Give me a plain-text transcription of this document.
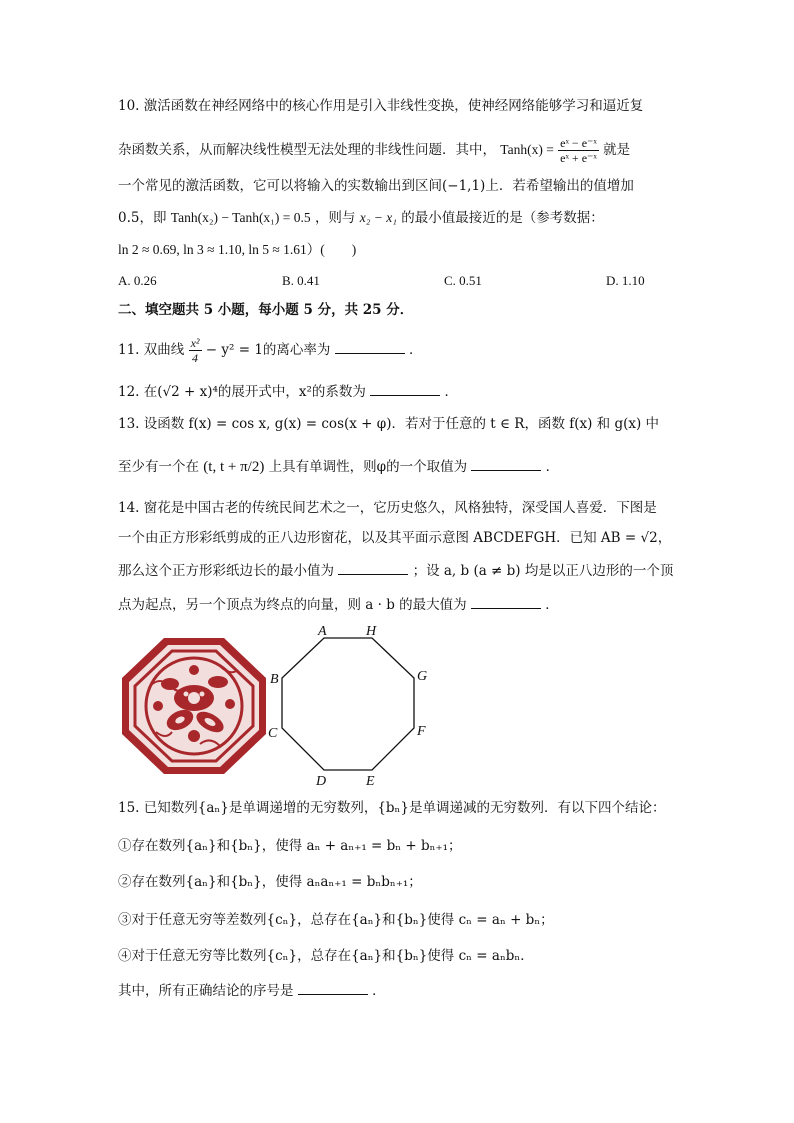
10. 激活函数在神经网络中的核心作用是引入非线性变换，使神经网络能够学习和逼近复
杂函数关系，从而解决线性模型无法处理的非线性问题．其中， Tanh(x) = $\frac{\text{eˣ − e⁻ˣ}}{\text{eˣ + e⁻ˣ}}$ 就是
一个常见的激活函数，它可以将输入的实数输出到区间(−1,1)上．若希望输出的值增加
0.5，即 Tanh(x₂) − Tanh(x₁) = 0.5 ，则与 x₂ − x₁ 的最小值最接近的是（参考数据：
ln 2 ≈ 0.69, ln 3 ≈ 1.10, ln 5 ≈ 1.61）(　　)
A. 0.26	B. 0.41	C. 0.51	D. 1.10
二、填空题共 5 小题，每小题 5 分，共 25 分．
11. 双曲线 $\frac{\text{x²}}{4} - y^2 = 1$的离心率为	．
12. 在(√2 + x)⁴的展开式中，x²的系数为	．
13. 设函数 f(x) = cos x, g(x) = cos(x + φ)．若对于任意的 t ∈ R，函数 f(x) 和 g(x) 中
至少有一个在 (t, t + π/2) 上具有单调性，则φ的一个取值为	．
14. 窗花是中国古老的传统民间艺术之一，它历史悠久，风格独特，深受国人喜爱．下图是
一个由正方形彩纸剪成的正八边形窗花，以及其平面示意图 ABCDEFGH．已知 AB = √2，
那么这个正方形彩纸边长的最小值为	；设 a, b (a ≠ b) 均是以正八边形的一个顶
点为起点，另一个顶点为终点的向量，则 a · b 的最大值为	．
A	H
G
F
E
D
C
B
15. 已知数列{aₙ}是单调递增的无穷数列，{bₙ}是单调递减的无穷数列．有以下四个结论：
①存在数列{aₙ}和{bₙ}，使得 aₙ + aₙ₊₁ = bₙ + bₙ₊₁；
②存在数列{aₙ}和{bₙ}，使得 aₙaₙ₊₁ = bₙbₙ₊₁；
③对于任意无穷等差数列{cₙ}，总存在{aₙ}和{bₙ}使得 cₙ = aₙ + bₙ；
④对于任意无穷等比数列{cₙ}，总存在{aₙ}和{bₙ}使得 cₙ = aₙbₙ．
其中，所有正确结论的序号是	．
